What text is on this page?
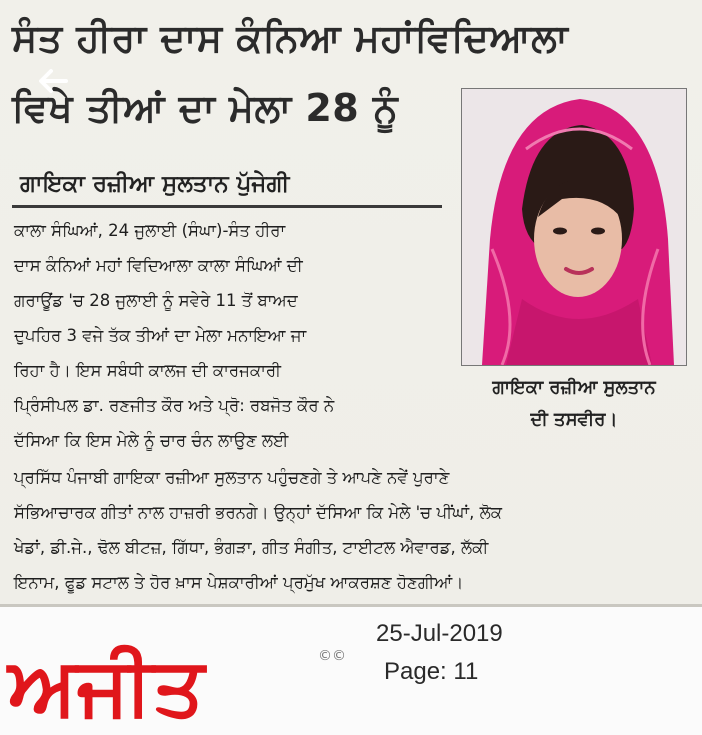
ਸੰਤ ਹੀਰਾ ਦਾਸ ਕੰਨਿਆ ਮਹਾਂਵਿਦਿਆਲਾ
ਵਿਖੇ ਤੀਆਂ ਦਾ ਮੇਲਾ 28 ਨੂੰ
ਗਾਇਕਾ ਰਜ਼ੀਆ ਸੁਲਤਾਨ ਪੁੱਜੇਗੀ

ਕਾਲਾ ਸੰਘਿਆਂ, 24 ਜੁਲਾਈ (ਸੰਘਾ)-ਸੰਤ ਹੀਰਾ
ਦਾਸ ਕੰਨਿਆਂ ਮਹਾਂ ਵਿਦਿਆਲਾ ਕਾਲਾ ਸੰਘਿਆਂ ਦੀ
ਗਰਾਊਂਡ 'ਚ 28 ਜੁਲਾਈ ਨੂੰ ਸਵੇਰੇ 11 ਤੋਂ ਬਾਅਦ
ਦੁਪਹਿਰ 3 ਵਜੇ ਤੱਕ ਤੀਆਂ ਦਾ ਮੇਲਾ ਮਨਾਇਆ ਜਾ
ਰਿਹਾ ਹੈ। ਇਸ ਸਬੰਧੀ ਕਾਲਜ ਦੀ ਕਾਰਜਕਾਰੀ
ਪ੍ਰਿੰਸੀਪਲ ਡਾ. ਰਣਜੀਤ ਕੌਰ ਅਤੇ ਪ੍ਰੋ: ਰਬਜੋਤ ਕੌਰ ਨੇ
ਦੱਸਿਆ ਕਿ ਇਸ ਮੇਲੇ ਨੂੰ ਚਾਰ ਚੰਨ ਲਾਉਣ ਲਈ

ਗਾਇਕਾ ਰਜ਼ੀਆ ਸੁਲਤਾਨ
ਦੀ ਤਸਵੀਰ।

ਪ੍ਰਸਿੱਧ ਪੰਜਾਬੀ ਗਾਇਕਾ ਰਜ਼ੀਆ ਸੁਲਤਾਨ ਪਹੁੰਚਣਗੇ ਤੇ ਆਪਣੇ ਨਵੇਂ ਪੁਰਾਣੇ
ਸੱਭਿਆਚਾਰਕ ਗੀਤਾਂ ਨਾਲ ਹਾਜ਼ਰੀ ਭਰਨਗੇ। ਉਨ੍ਹਾਂ ਦੱਸਿਆ ਕਿ ਮੇਲੇ 'ਚ ਪੀਂਘਾਂ, ਲੋਕ
ਖੇਡਾਂ, ਡੀ.ਜੇ., ਢੋਲ ਬੀਟਜ਼, ਗਿੱਧਾ, ਭੰਗੜਾ, ਗੀਤ ਸੰਗੀਤ, ਟਾਈਟਲ ਐਵਾਰਡ, ਲੱਕੀ
ਇਨਾਮ, ਫੂਡ ਸਟਾਲ ਤੇ ਹੋਰ ਖ਼ਾਸ ਪੇਸ਼ਕਾਰੀਆਂ ਪ੍ਰਮੁੱਖ ਆਕਰਸ਼ਣ ਹੋਣਗੀਆਂ।

ਅਜੀਤ	©©

25-Jul-2019

Page: 11
